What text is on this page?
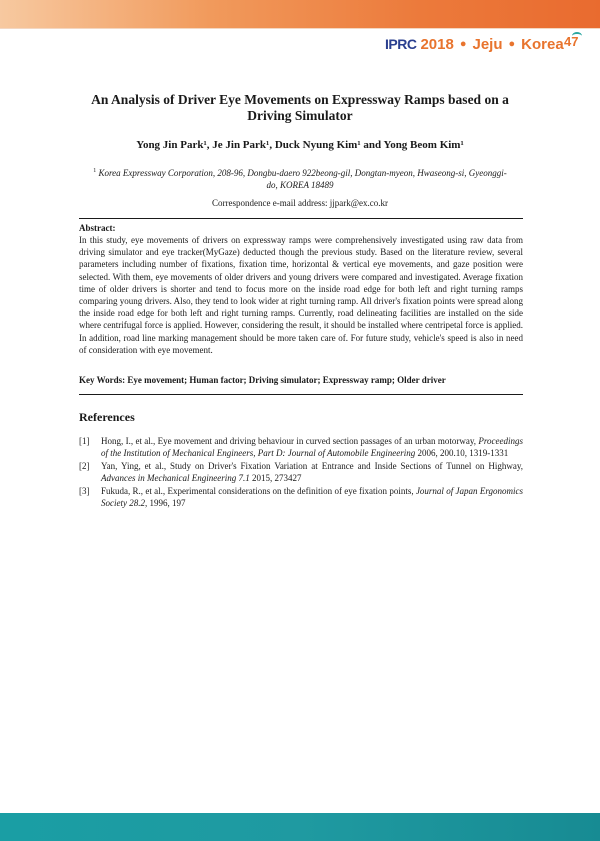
IPRC 2018 ● Jeju ● Korea 47
An Analysis of Driver Eye Movements on Expressway Ramps based on a Driving Simulator
Yong Jin Park¹, Je Jin Park¹, Duck Nyung Kim¹ and Yong Beom Kim¹
$^1$ Korea Expressway Corporation, 208-96, Dongbu-daero 922beong-gil, Dongtan-myeon, Hwaseong-si, Gyeonggi-do, KOREA 18489
Correspondence e-mail address: jjpark@ex.co.kr
Abstract:
In this study, eye movements of drivers on expressway ramps were comprehensively investigated using raw data from driving simulator and eye tracker(MyGaze) deducted though the previous study. Based on the literature review, several parameters including number of fixations, fixation time, horizontal & vertical eye movements, and gaze position were selected. With them, eye movements of older drivers and young drivers were compared and investigated. Average fixation time of older drivers is shorter and tend to focus more on the inside road edge for both left and right turning ramps comparing young drivers. Also, they tend to look wider at right turning ramp. All driver's fixation points were spread along the inside road edge for both left and right turning ramps. Currently, road delineating facilities are installed on the side where centrifugal force is applied. However, considering the result, it should be installed where centripetal force is applied. In addition, road line marking management should be more taken care of. For future study, vehicle's speed is also in need of consideration with eye movement.
Key Words: Eye movement; Human factor; Driving simulator; Expressway ramp; Older driver
References
[1]	Hong, I., et al., Eye movement and driving behaviour in curved section passages of an urban motorway, Proceedings of the Institution of Mechanical Engineers, Part D: Journal of Automobile Engineering 2006, 200.10, 1319-1331
[2]	Yan, Ying, et al., Study on Driver's Fixation Variation at Entrance and Inside Sections of Tunnel on Highway, Advances in Mechanical Engineering 7.1 2015, 273427
[3]	Fukuda, R., et al., Experimental considerations on the definition of eye fixation points, Journal of Japan Ergonomics Society 28.2, 1996, 197
